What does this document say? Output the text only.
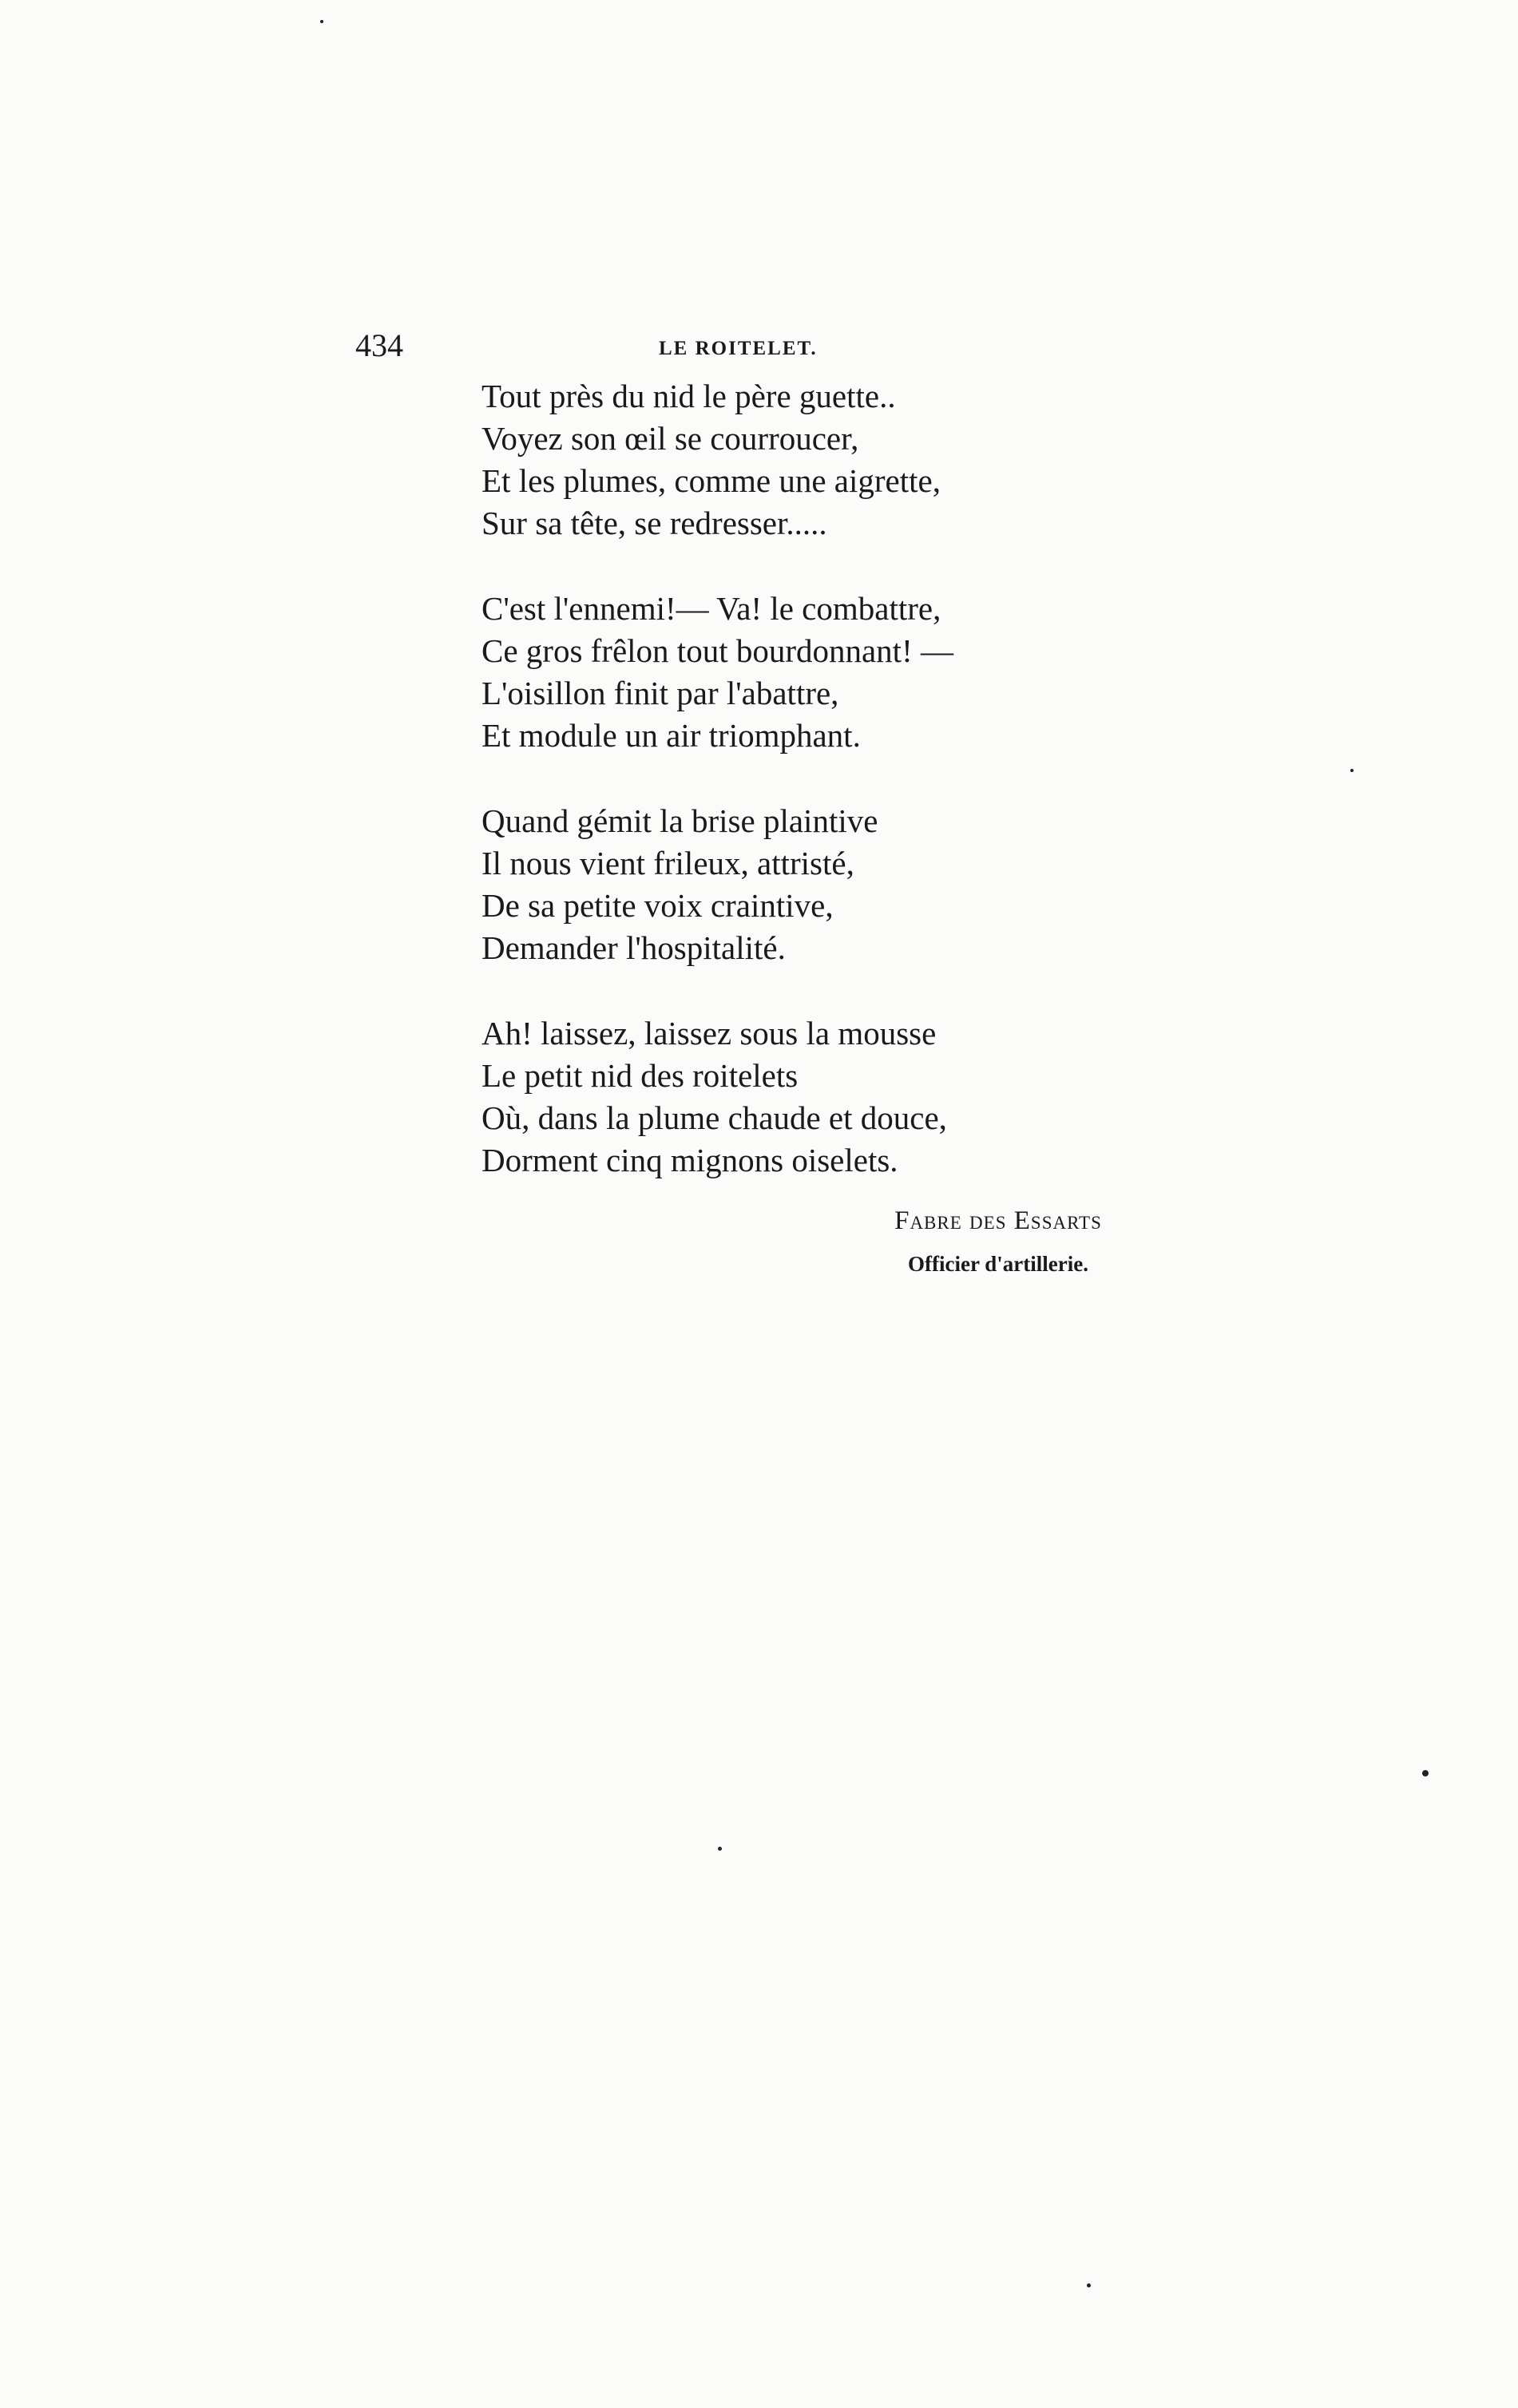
434	LE ROITELET.
Tout près du nid le père guette..
Voyez son œil se courroucer,
Et les plumes, comme une aigrette,
Sur sa tête, se redresser.....
C'est l'ennemi!— Va! le combattre,
Ce gros frêlon tout bourdonnant! —
L'oisillon finit par l'abattre,
Et module un air triomphant.
Quand gémit la brise plaintive
Il nous vient frileux, attristé,
De sa petite voix craintive,
Demander l'hospitalité.
Ah! laissez, laissez sous la mousse
Le petit nid des roitelets
Où, dans la plume chaude et douce,
Dorment cinq mignons oiselets.
Fabre des Essarts
Officier d'artillerie.
